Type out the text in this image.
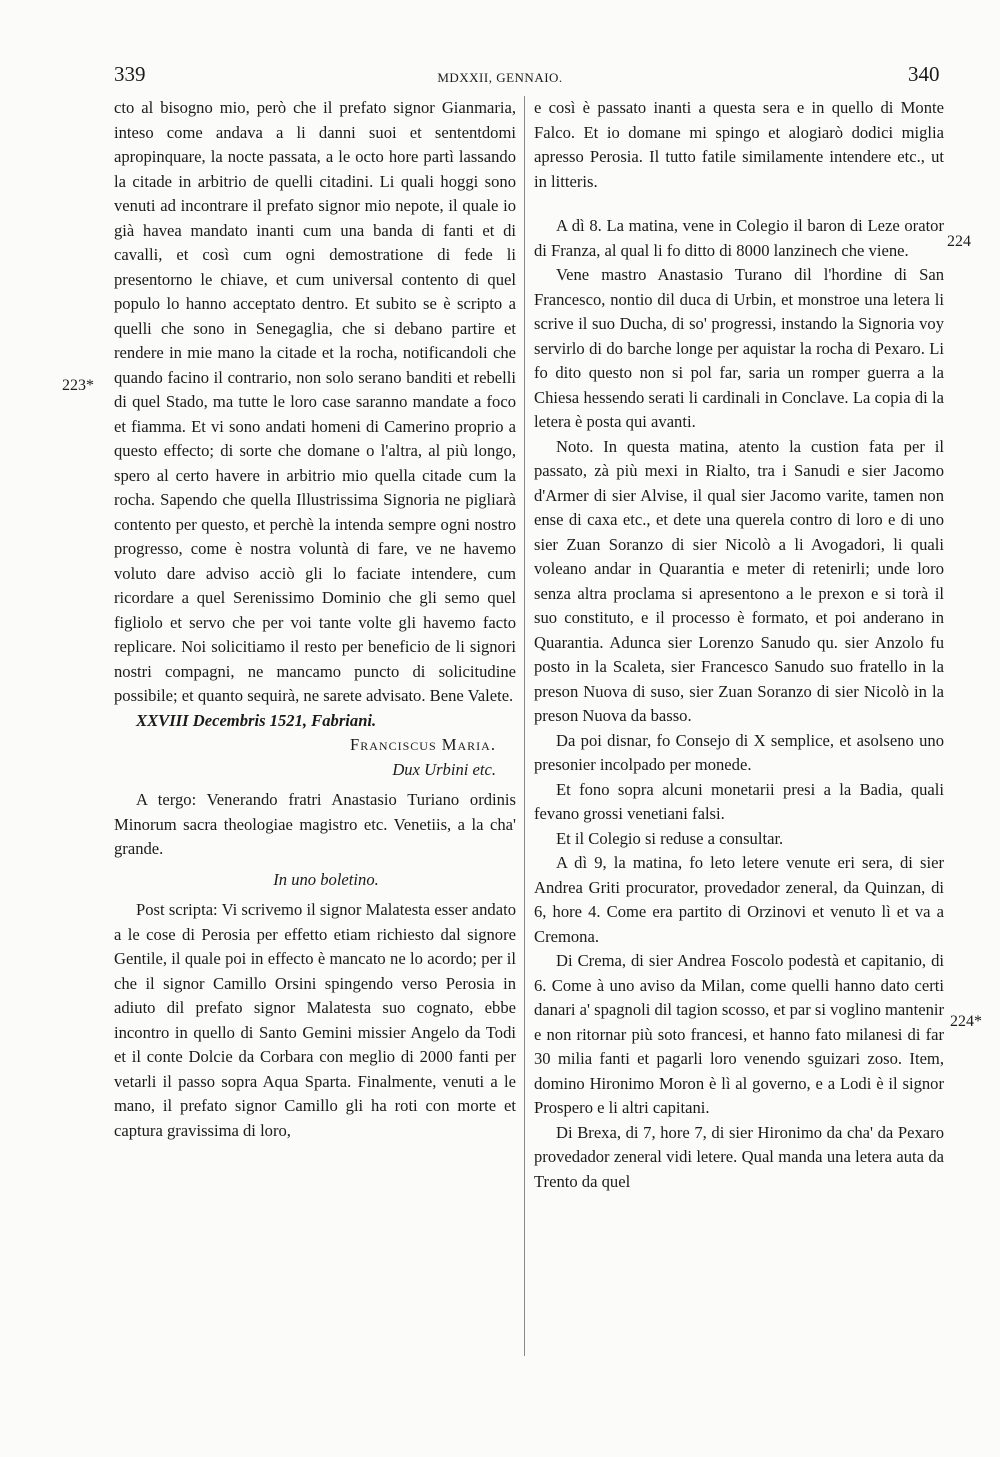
339	MDXXII, GENNAIO.	340
223*
224
224*

cto al bisogno mio, però che il prefato signor Gianmaria, inteso come andava a li danni suoi et sententdomi apropinquare, la nocte passata, a le octo hore partì lassando la citade in arbitrio de quelli citadini. Li quali hoggi sono venuti ad incontrare il prefato signor mio nepote, il quale io già havea mandato inanti cum una banda di fanti et di cavalli, et così cum ogni demostratione di fede li presentorno le chiave, et cum universal contento di quel populo lo hanno acceptato dentro. Et subito se è scripto a quelli che sono in Senegaglia, che si debano partire et rendere in mie mano la citade et la rocha, notificandoli che quando facino il contrario, non solo serano banditi et rebelli di quel Stado, ma tutte le loro case saranno mandate a foco et fiamma. Et vi sono andati homeni di Camerino proprio a questo effecto; di sorte che domane o l'altra, al più longo, spero al certo havere in arbitrio mio quella citade cum la rocha. Sapendo che quella Illustrissima Signoria ne pigliarà contento per questo, et perchè la intenda sempre ogni nostro progresso, come è nostra voluntà di fare, ve ne havemo voluto dare adviso acciò gli lo faciate intendere, cum ricordare a quel Serenissimo Dominio che gli semo quel figliolo et servo che per voi tante volte gli havemo facto replicare. Noi solicitiamo il resto per beneficio de li signori nostri compagni, ne mancamo puncto di solicitudine possibile; et quanto sequirà, ne sarete advisato. Bene Valete.

XXVIII Decembris 1521, Fabriani.

Franciscus Maria.

Dux Urbini etc.

A tergo: Venerando fratri Anastasio Turiano ordinis Minorum sacra theologiae magistro etc. Venetiis, a la cha' grande.

In uno boletino.

Post scripta: Vi scrivemo il signor Malatesta esser andato a le cose di Perosia per effetto etiam richiesto dal signore Gentile, il quale poi in effecto è mancato ne lo acordo; per il che il signor Camillo Orsini spingendo verso Perosia in adiuto dil prefato signor Malatesta suo cognato, ebbe incontro in quello di Santo Gemini missier Angelo da Todi et il conte Dolcie da Corbara con meglio di 2000 fanti per vetarli il passo sopra Aqua Sparta. Finalmente, venuti a le mano, il prefato signor Camillo gli ha roti con morte et captura gravissima di loro,

e così è passato inanti a questa sera e in quello di Monte Falco. Et io domane mi spingo et alogiarò dodici miglia apresso Perosia. Il tutto fatile similamente intendere etc., ut in litteris.

A dì 8. La matina, vene in Colegio il baron di Leze orator di Franza, al qual li fo ditto di 8000 lanzinech che viene.

Vene mastro Anastasio Turano dil l'hordine di San Francesco, nontio dil duca di Urbin, et monstroe una letera li scrive il suo Ducha, di so' progressi, instando la Signoria voy servirlo di do barche longe per aquistar la rocha di Pexaro. Li fo dito questo non si pol far, saria un romper guerra a la Chiesa hessendo serati li cardinali in Conclave. La copia di la letera è posta qui avanti.

Noto. In questa matina, atento la custion fata per il passato, zà più mexi in Rialto, tra i Sanudi e sier Jacomo d'Armer di sier Alvise, il qual sier Jacomo varite, tamen non ense di caxa etc., et dete una querela contro di loro e di uno sier Zuan Soranzo di sier Nicolò a li Avogadori, li quali voleano andar in Quarantia e meter di retenirli; unde loro senza altra proclama si apresentono a le prexon e si torà il suo constituto, e il processo è formato, et poi anderano in Quarantia. Adunca sier Lorenzo Sanudo qu. sier Anzolo fu posto in la Scaleta, sier Francesco Sanudo suo fratello in la preson Nuova di suso, sier Zuan Soranzo di sier Nicolò in la preson Nuova da basso.

Da poi disnar, fo Consejo di X semplice, et asolseno uno presonier incolpado per monede.

Et fono sopra alcuni monetarii presi a la Badia, quali fevano grossi venetiani falsi.

Et il Colegio si reduse a consultar.

A dì 9, la matina, fo leto letere venute eri sera, di sier Andrea Griti procurator, provedador zeneral, da Quinzan, di 6, hore 4. Come era partito di Orzinovi et venuto lì et va a Cremona.

Di Crema, di sier Andrea Foscolo podestà et capitanio, di 6. Come à uno aviso da Milan, come quelli hanno dato certi danari a' spagnoli dil tagion scosso, et par si voglino mantenir e non ritornar più soto francesi, et hanno fato milanesi di far 30 milia fanti et pagarli loro venendo sguizari zoso. Item, domino Hironimo Moron è lì al governo, e a Lodi è il signor Prospero e li altri capitani.

Di Brexa, di 7, hore 7, di sier Hironimo da cha' da Pexaro provedador zeneral vidi letere. Qual manda una letera auta da Trento da quel
